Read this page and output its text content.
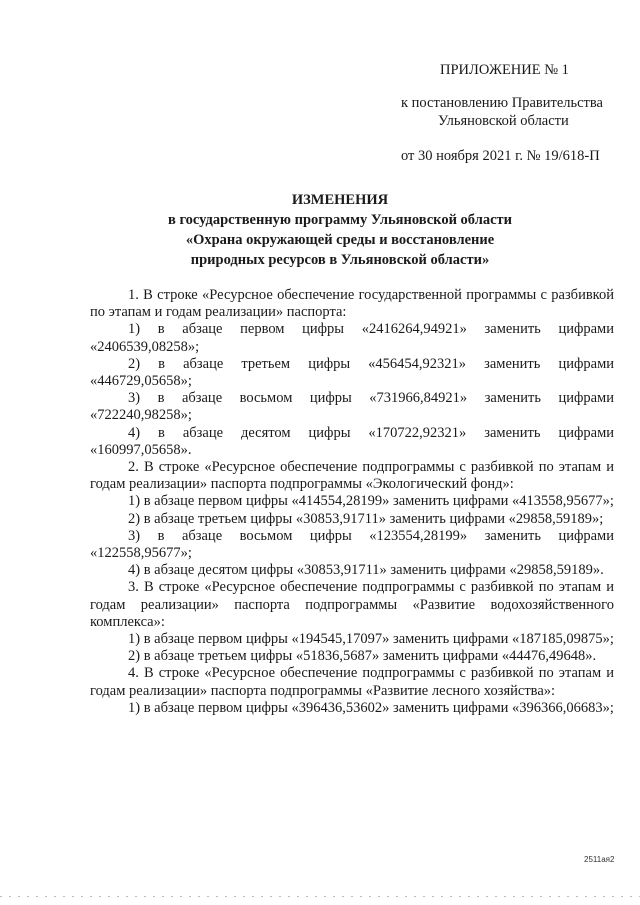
ПРИЛОЖЕНИЕ № 1
к постановлению Правительства
Ульяновской области
от 30 ноября 2021 г. № 19/618-П
ИЗМЕНЕНИЯ
в государственную программу Ульяновской области
«Охрана окружающей среды и восстановление
природных ресурсов в Ульяновской области»

1. В строке «Ресурсное обеспечение государственной программы с разбивкой по этапам и годам реализации» паспорта:

1) в абзаце первом цифры «2416264,94921» заменить цифрами «2406539,08258»;

2) в абзаце третьем цифры «456454,92321» заменить цифрами «446729,05658»;

3) в абзаце восьмом цифры «731966,84921» заменить цифрами «722240,98258»;

4) в абзаце десятом цифры «170722,92321» заменить цифрами «160997,05658».

2. В строке «Ресурсное обеспечение подпрограммы с разбивкой по этапам и годам реализации» паспорта подпрограммы «Экологический фонд»:

1) в абзаце первом цифры «414554,28199» заменить цифрами «413558,95677»;

2) в абзаце третьем цифры «30853,91711» заменить цифрами «29858,59189»;

3) в абзаце восьмом цифры «123554,28199» заменить цифрами «122558,95677»;

4) в абзаце десятом цифры «30853,91711» заменить цифрами «29858,59189».

3. В строке «Ресурсное обеспечение подпрограммы с разбивкой по этапам и годам реализации» паспорта подпрограммы «Развитие водохозяйственного комплекса»:

1) в абзаце первом цифры «194545,17097» заменить цифрами «187185,09875»;

2) в абзаце третьем цифры «51836,5687» заменить цифрами «44476,49648».

4. В строке «Ресурсное обеспечение подпрограммы с разбивкой по этапам и годам реализации» паспорта подпрограммы «Развитие лесного хозяйства»:

1) в абзаце первом цифры «396436,53602» заменить цифрами «396366,06683»;

2511ая2
